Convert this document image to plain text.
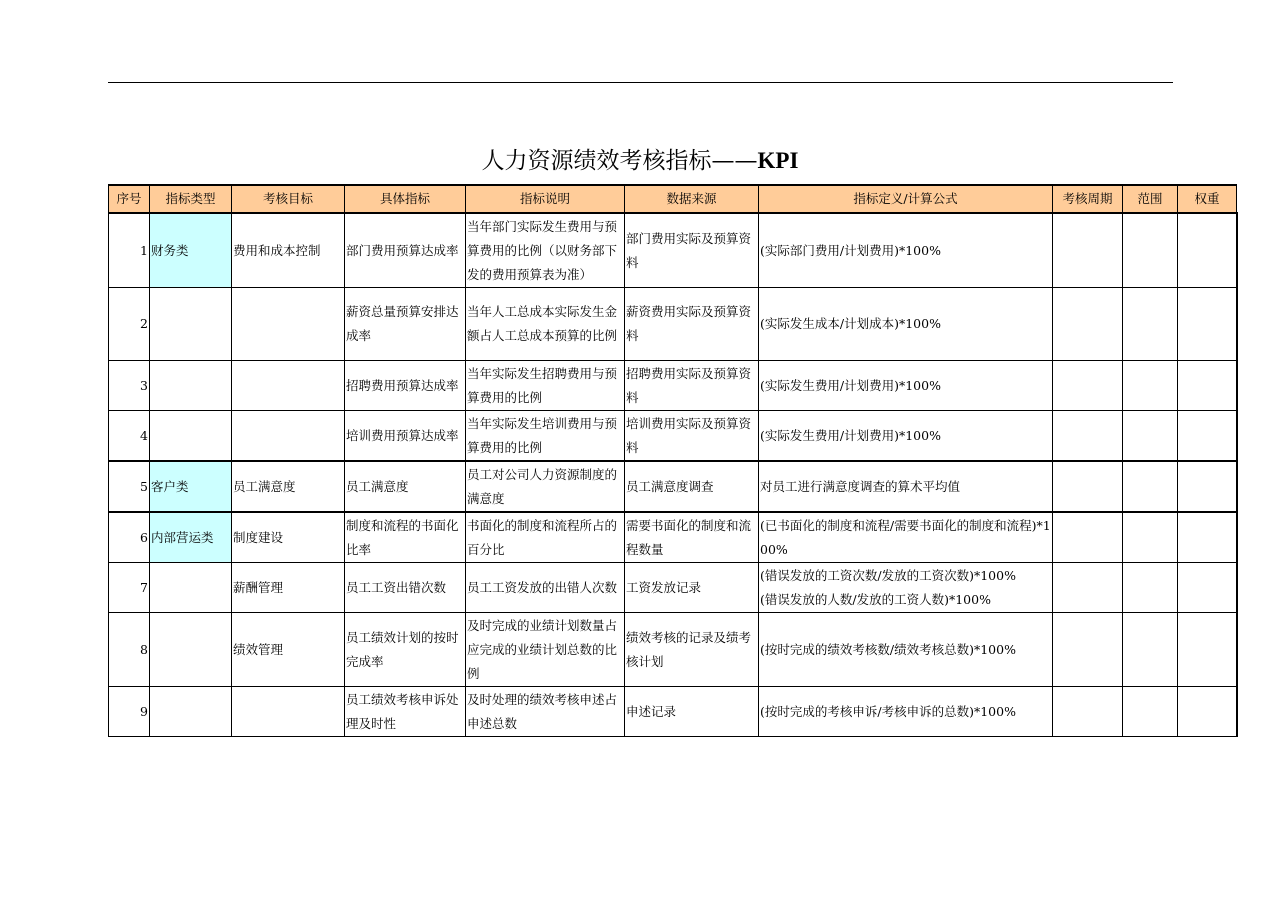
人力资源绩效考核指标——KPI
序号	指标类型	考核目标	具体指标	指标说明	数据来源	指标定义/计算公式	考核周期	范围	权重
1	财务类	费用和成本控制	部门费用预算达成率	当年部门实际发生费用与预算费用的比例（以财务部下发的费用预算表为准）	部门费用实际及预算资料	(实际部门费用/计划费用)*100%			

2			薪资总量预算安排达成率	当年人工总成本实际发生金额占人工总成本预算的比例	薪资费用实际及预算资料	(实际发生成本/计划成本)*100%			

3			招聘费用预算达成率	当年实际发生招聘费用与预算费用的比例	招聘费用实际及预算资料	(实际发生费用/计划费用)*100%			

4			培训费用预算达成率	当年实际发生培训费用与预算费用的比例	培训费用实际及预算资料	(实际发生费用/计划费用)*100%			

5	客户类	员工满意度	员工满意度	员工对公司人力资源制度的满意度	员工满意度调查	对员工进行满意度调查的算术平均值			

6	内部营运类	制度建设	制度和流程的书面化比率	书面化的制度和流程所占的百分比	需要书面化的制度和流程数量	(已书面化的制度和流程/需要书面化的制度和流程)*100%			

7		薪酬管理	员工工资出错次数	员工工资发放的出错人次数	工资发放记录	(错误发放的工资次数/发放的工资次数)*100%
(错误发放的人数/发放的工资人数)*100%			

8		绩效管理	员工绩效计划的按时完成率	及时完成的业绩计划数量占应完成的业绩计划总数的比例	绩效考核的记录及绩考核计划	(按时完成的绩效考核数/绩效考核总数)*100%			

9			员工绩效考核申诉处理及时性	及时处理的绩效考核申述占申述总数	申述记录	(按时完成的考核申诉/考核申诉的总数)*100%			
